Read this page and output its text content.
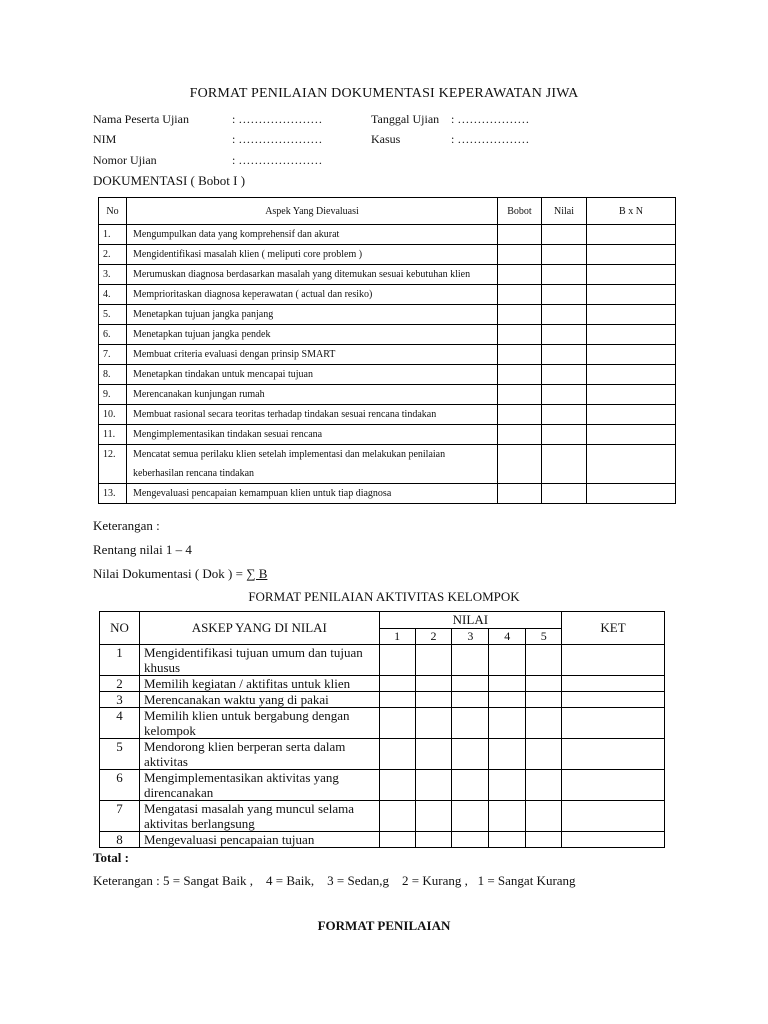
FORMAT PENILAIAN DOKUMENTASI KEPERAWATAN JIWA
Nama Peserta Ujian	: …………………	Tanggal Ujian : ………………
NIM	: …………………	Kasus	: ………………
Nomor Ujian	: …………………
DOKUMENTASI ( Bobot I )
No	Aspek Yang Dievaluasi	Bobot	Nilai	B x N
1.	Mengumpulkan data yang komprehensif dan akurat			
2.	Mengidentifikasi masalah klien ( meliputi core problem )			
3.	Merumuskan diagnosa berdasarkan masalah yang ditemukan sesuai kebutuhan klien			
4.	Memprioritaskan diagnosa keperawatan ( actual dan resiko)			
5.	Menetapkan tujuan jangka panjang			
6.	Menetapkan tujuan jangka pendek			
7.	Membuat criteria evaluasi dengan prinsip SMART			
8.	Menetapkan tindakan untuk mencapai tujuan			
9.	Merencanakan kunjungan rumah			
10.	Membuat rasional secara teoritas terhadap tindakan sesuai rencana tindakan			
11.	Mengimplementasikan tindakan sesuai rencana			
12.	Mencatat semua perilaku klien setelah implementasi dan melakukan penilaian keberhasilan rencana tindakan			
13.	Mengevaluasi pencapaian kemampuan klien untuk tiap diagnosa			
Keterangan :
Rentang nilai 1 – 4
Nilai Dokumentasi ( Dok ) = ∑ B
FORMAT PENILAIAN AKTIVITAS KELOMPOK
NO	ASKEP YANG DI NILAI	NILAI					KET
		1	2	3	4	5	
1	Mengidentifikasi tujuan umum dan tujuan khusus						
2	Memilih kegiatan / aktifitas untuk klien						
3	Merencanakan waktu yang di pakai						
4	Memilih klien untuk bergabung dengan kelompok						
5	Mendorong klien berperan serta dalam aktivitas						
6	Mengimplementasikan aktivitas yang direncanakan						
7	Mengatasi masalah yang muncul selama aktivitas berlangsung						
8	Mengevaluasi pencapaian tujuan						
Total :
Keterangan : 5 = Sangat Baik ,    4 = Baik,    3 = Sedan,g    2 = Kurang ,   1 = Sangat Kurang
FORMAT PENILAIAN
